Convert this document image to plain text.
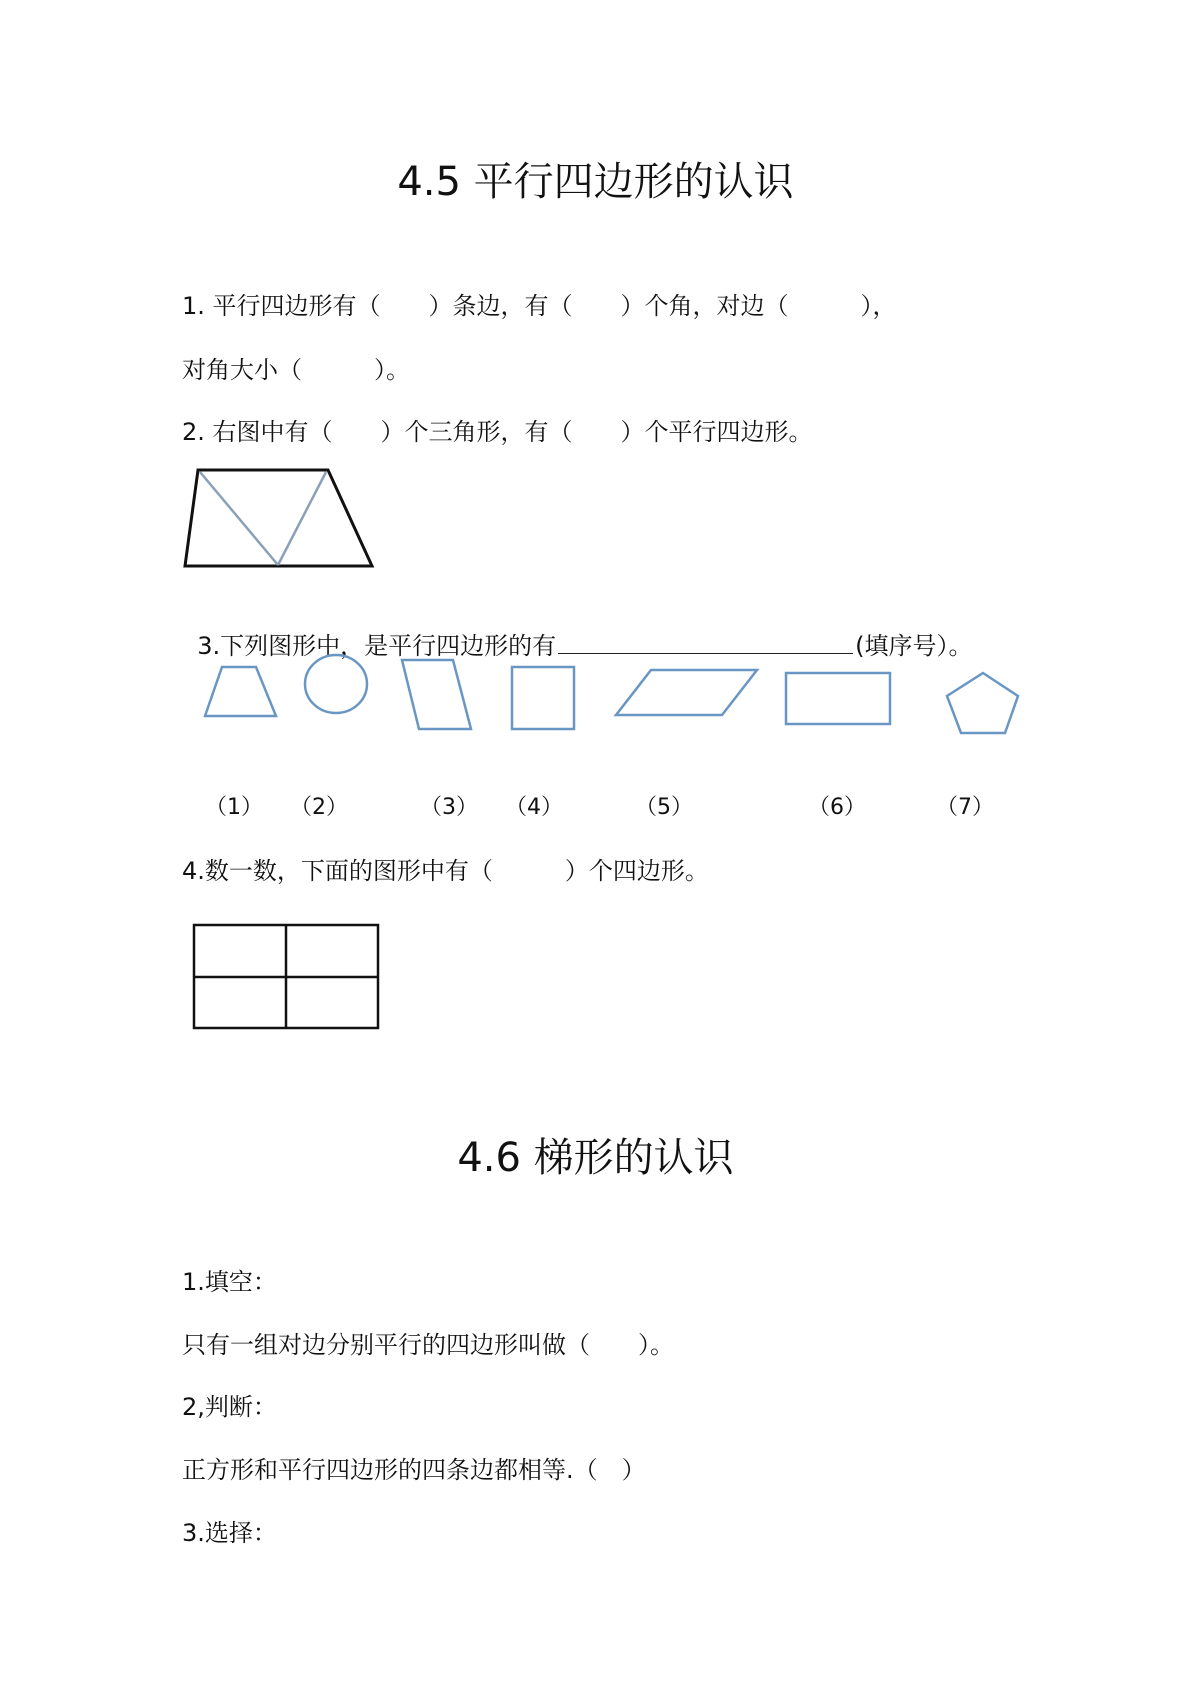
4.5 平行四边形的认识
1. 平行四边形有（　　）条边，有（　　）个角，对边（　　　），
对角大小（　　　）。
2. 右图中有（　　）个三角形，有（　　）个平行四边形。

3.下列图形中，是平行四边形的有	(填序号）。

（1） （2）	（3） （4）	（5）	（6）	（7）
4.数一数，下面的图形中有（　　　）个四边形。
4.6 梯形的认识
1.填空：
只有一组对边分别平行的四边形叫做（　　）。
2,判断：
正方形和平行四边形的四条边都相等.（　）
3.选择：
